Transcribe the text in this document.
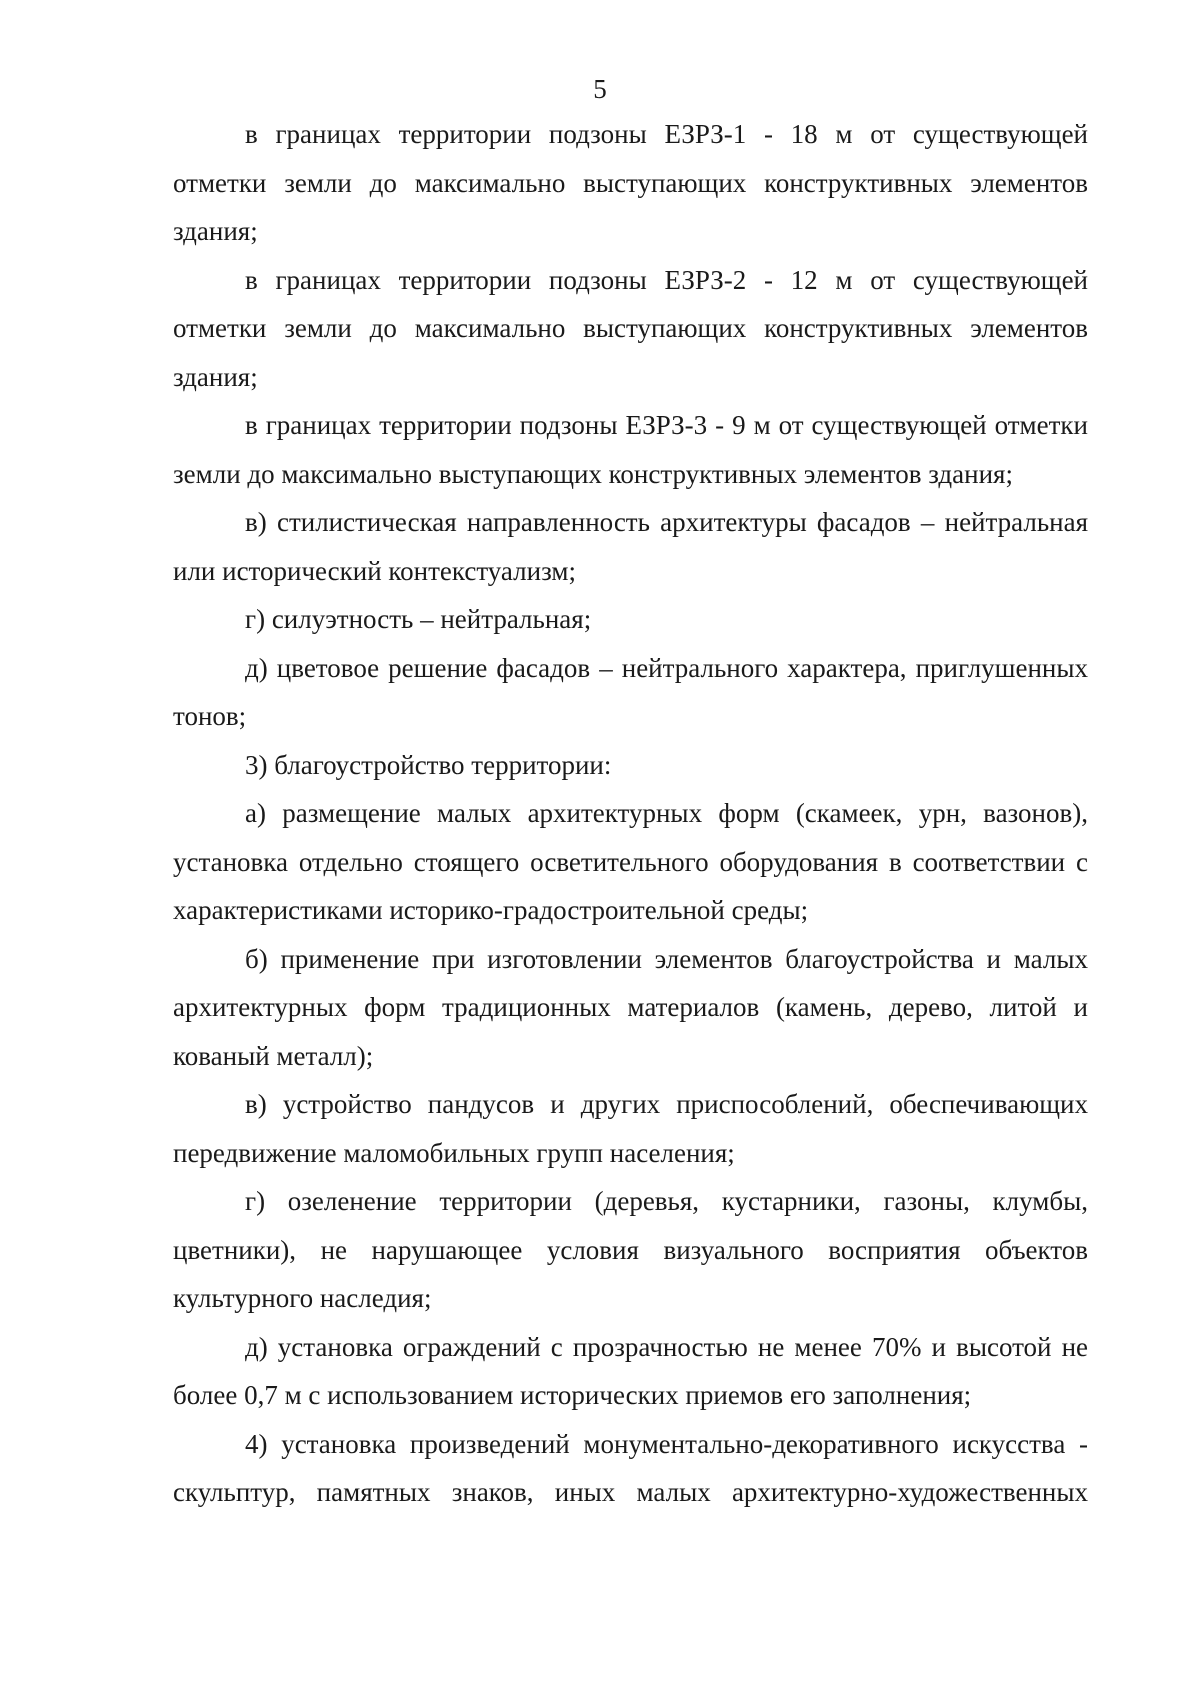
5

в границах территории подзоны ЕЗРЗ-1 - 18 м от существующей отметки земли до максимально выступающих конструктивных элементов здания;

в границах территории подзоны ЕЗРЗ-2 - 12 м от существующей отметки земли до максимально выступающих конструктивных элементов здания;

в границах территории подзоны ЕЗРЗ-3 - 9 м от существующей отметки земли до максимально выступающих конструктивных элементов здания;

в) стилистическая направленность архитектуры фасадов – нейтральная или исторический контекстуализм;

г) силуэтность – нейтральная;

д) цветовое решение фасадов – нейтрального характера, приглушенных тонов;

3) благоустройство территории:

а) размещение малых архитектурных форм (скамеек, урн, вазонов), установка отдельно стоящего осветительного оборудования в соответствии с характеристиками историко-градостроительной среды;

б) применение при изготовлении элементов благоустройства и малых архитектурных форм традиционных материалов (камень, дерево, литой и кованый металл);

в) устройство пандусов и других приспособлений, обеспечивающих передвижение маломобильных групп населения;

г) озеленение территории (деревья, кустарники, газоны, клумбы, цветники), не нарушающее условия визуального восприятия объектов культурного наследия;

д) установка ограждений с прозрачностью не менее 70% и высотой не более 0,7 м с использованием исторических приемов его заполнения;

4) установка произведений монументально-декоративного искусства - скульптур, памятных знаков, иных малых архитектурно-художественных
